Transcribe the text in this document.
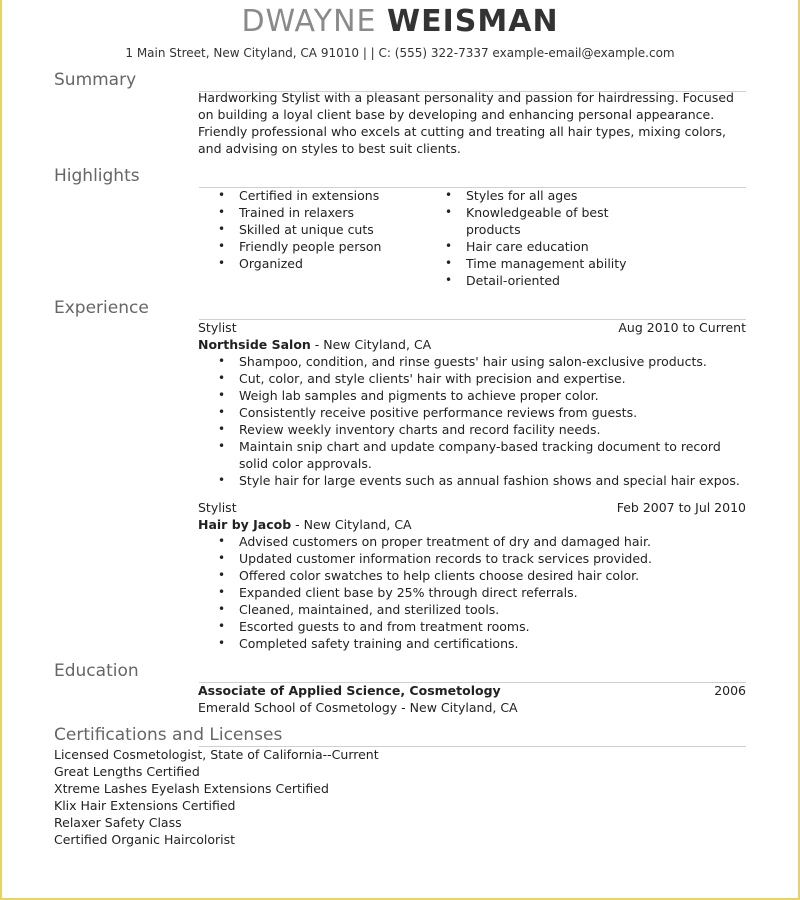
DWAYNE WEISMAN
1 Main Street, New Cityland, CA 91010 | | C: (555) 322-7337 example-email@example.com
Summary
Hardworking Stylist with a pleasant personality and passion for hairdressing. Focused on building a loyal client base by developing and enhancing personal appearance. Friendly professional who excels at cutting and treating all hair types, mixing colors, and advising on styles to best suit clients.
Highlights
• Certified in extensions
• Trained in relaxers
• Skilled at unique cuts
• Friendly people person
• Organized
• Styles for all ages
• Knowledgeable of best products
• Hair care education
• Time management ability
• Detail-oriented
Experience
Stylist	Aug 2010 to Current
Northside Salon - New Cityland, CA
• Shampoo, condition, and rinse guests' hair using salon-exclusive products.
• Cut, color, and style clients' hair with precision and expertise.
• Weigh lab samples and pigments to achieve proper color.
• Consistently receive positive performance reviews from guests.
• Review weekly inventory charts and record facility needs.
• Maintain snip chart and update company-based tracking document to record solid color approvals.
• Style hair for large events such as annual fashion shows and special hair expos.
Stylist	Feb 2007 to Jul 2010
Hair by Jacob - New Cityland, CA
• Advised customers on proper treatment of dry and damaged hair.
• Updated customer information records to track services provided.
• Offered color swatches to help clients choose desired hair color.
• Expanded client base by 25% through direct referrals.
• Cleaned, maintained, and sterilized tools.
• Escorted guests to and from treatment rooms.
• Completed safety training and certifications.
Education
Associate of Applied Science, Cosmetology	2006
Emerald School of Cosmetology - New Cityland, CA
Certifications and Licenses
Licensed Cosmetologist, State of California--Current
Great Lengths Certified
Xtreme Lashes Eyelash Extensions Certified
Klix Hair Extensions Certified
Relaxer Safety Class
Certified Organic Haircolorist
